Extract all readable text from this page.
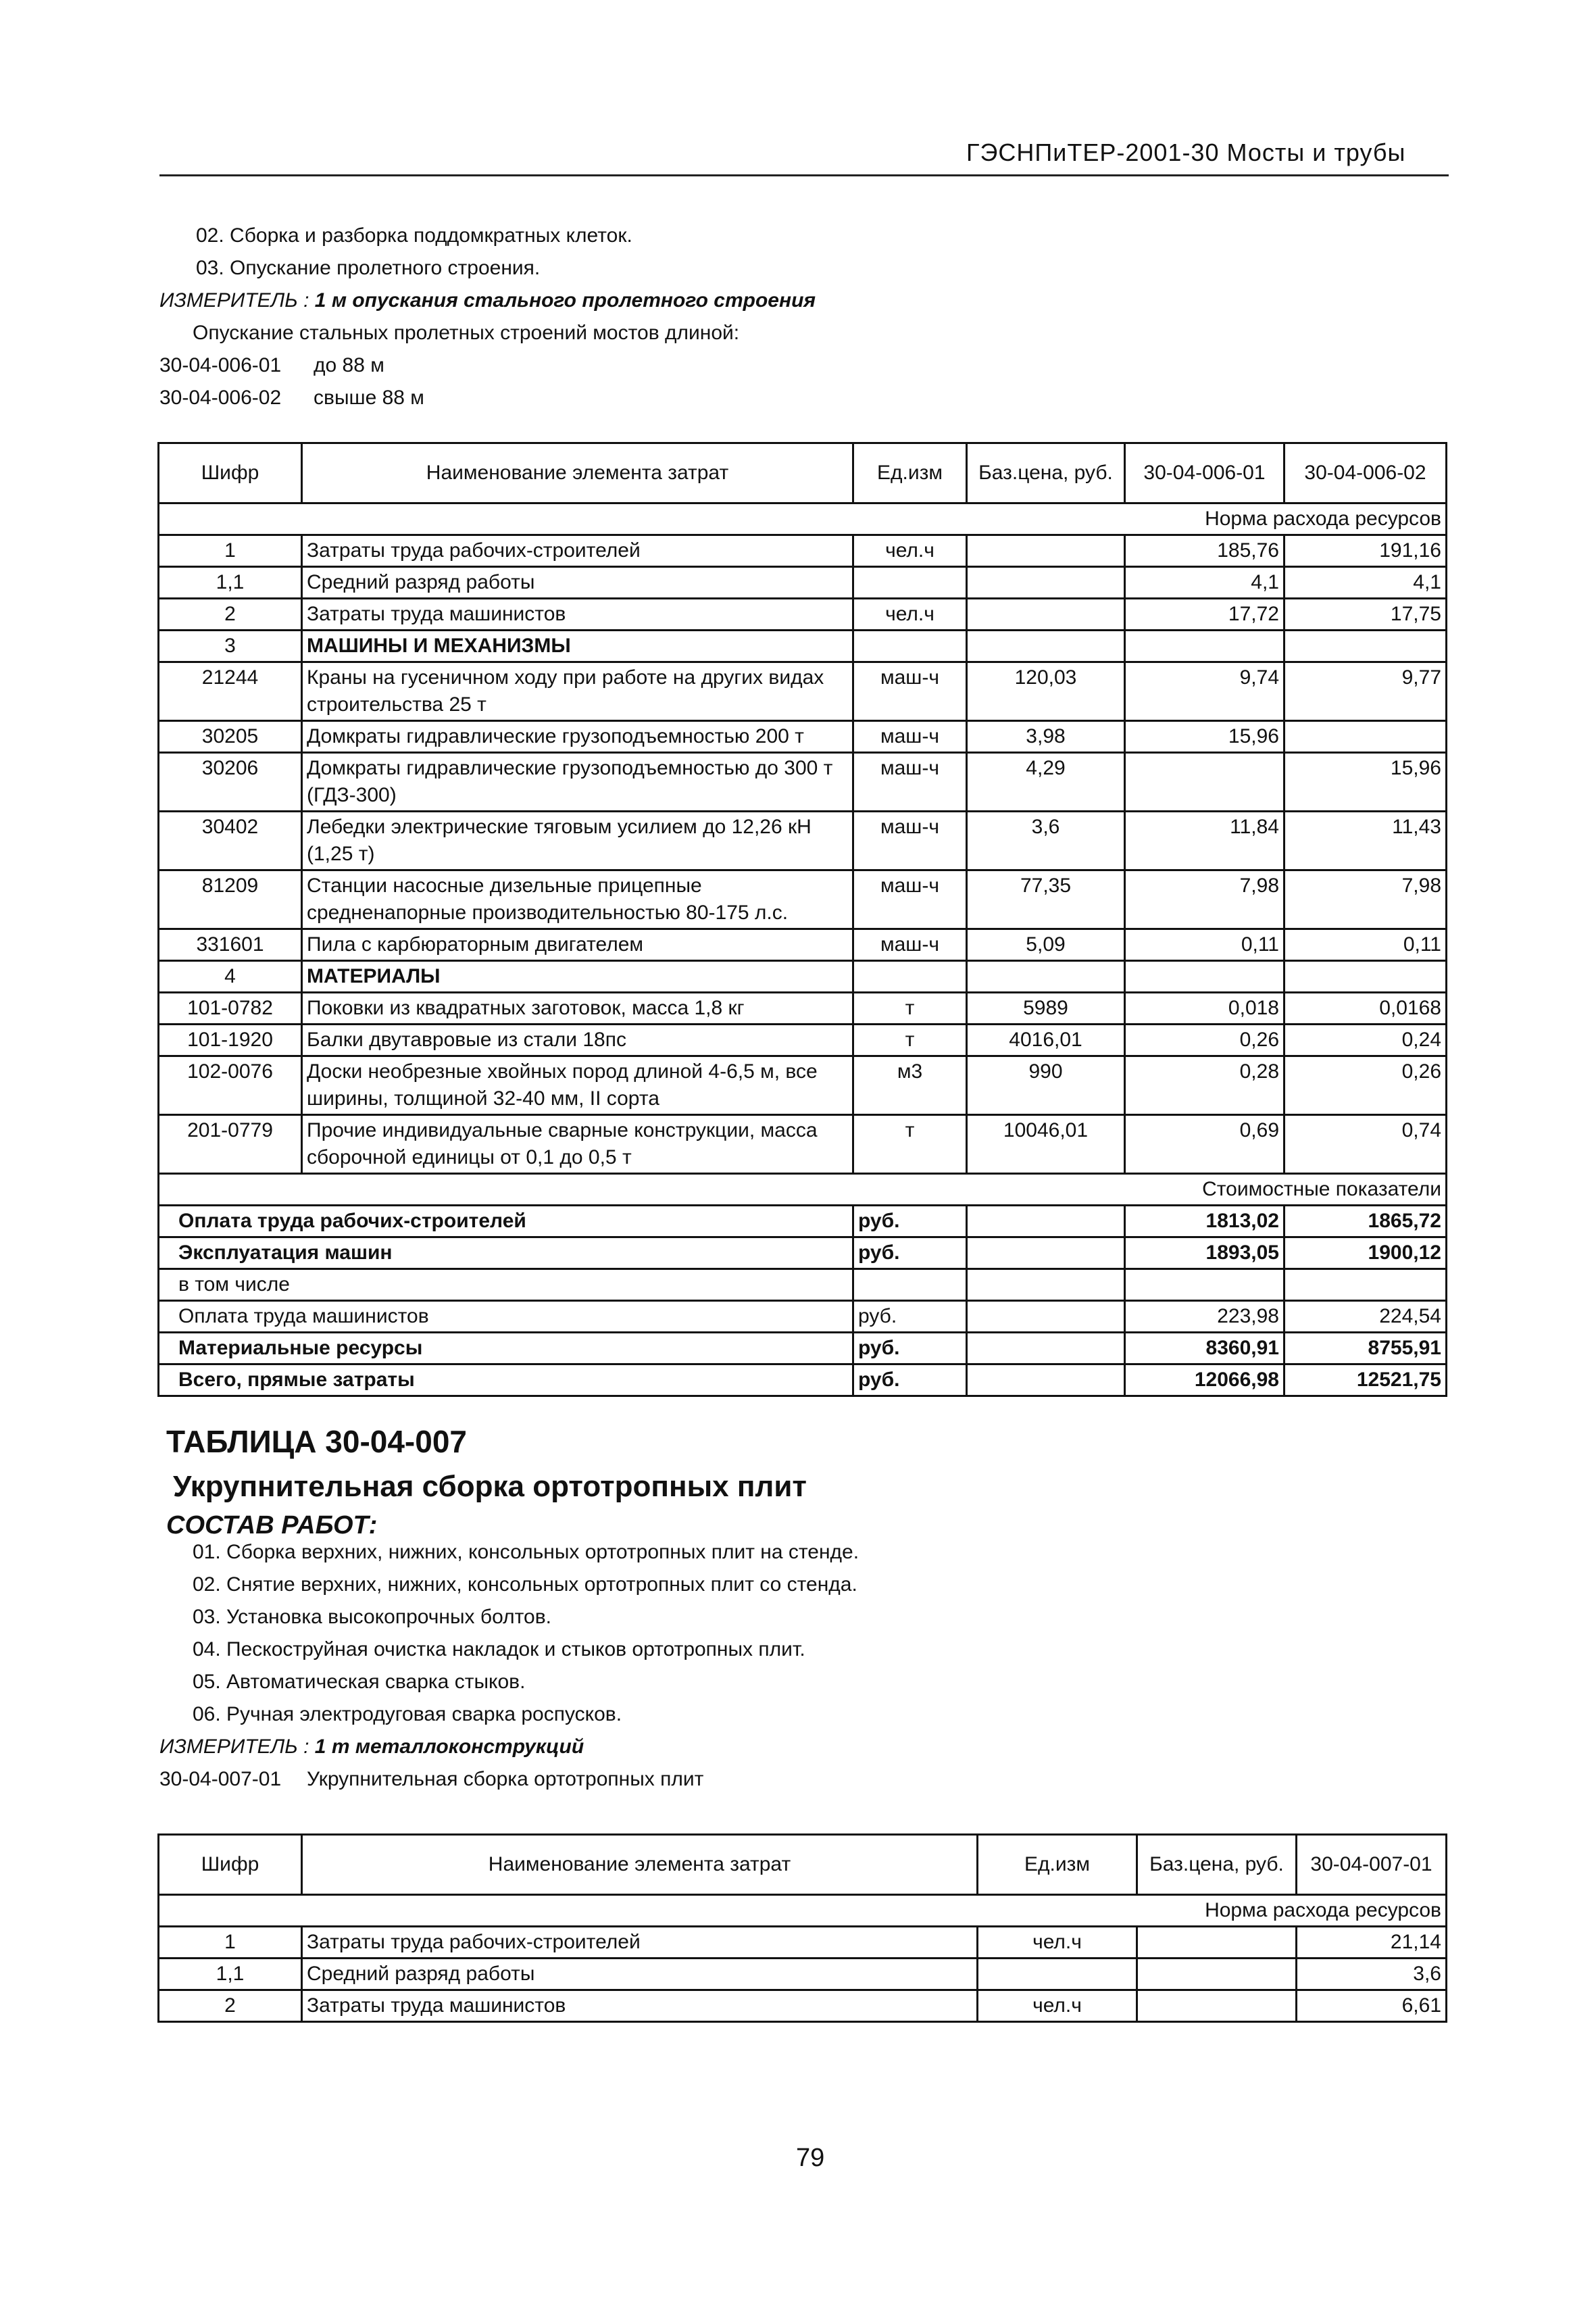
ГЭСНПиТЕР-2001-30 Мосты и трубы
02. Сборка и разборка поддомкратных клеток.
03. Опускание пролетного строения.
ИЗМЕРИТЕЛЬ : 1 м опускания стального пролетного строения
Опускание стальных пролетных строений мостов длиной:
30-04-006-01 до 88 м
30-04-006-02 свыше 88 м
Шифр	Наименование элемента затрат	Ед.изм	Баз.цена, руб.	30-04-006-01	30-04-006-02
Норма расхода ресурсов					
1	Затраты труда рабочих-строителей	чел.ч		185,76	191,16
1,1	Средний разряд работы			4,1	4,1
2	Затраты труда машинистов	чел.ч		17,72	17,75
3	МАШИНЫ И МЕХАНИЗМЫ				
21244	Краны на гусеничном ходу при работе на других видах строительства 25 т	маш-ч	120,03	9,74	9,77
30205	Домкраты гидравлические грузоподъемностью 200 т	маш-ч	3,98	15,96	
30206	Домкраты гидравлические грузоподъемностью до 300 т (ГДЗ-300)	маш-ч	4,29		15,96
30402	Лебедки электрические тяговым усилием до 12,26 кН (1,25 т)	маш-ч	3,6	11,84	11,43
81209	Станции насосные дизельные прицепные средненапорные производительностью 80-175 л.с.	маш-ч	77,35	7,98	7,98
331601	Пила с карбюраторным двигателем	маш-ч	5,09	0,11	0,11
4	МАТЕРИАЛЫ				
101-0782	Поковки из квадратных заготовок, масса 1,8 кг	т	5989	0,018	0,0168
101-1920	Балки двутавровые из стали 18пс	т	4016,01	0,26	0,24
102-0076	Доски необрезные хвойных пород длиной 4-6,5 м, все ширины, толщиной 32-40 мм, II сорта	м3	990	0,28	0,26
201-0779	Прочие индивидуальные сварные конструкции, масса сборочной единицы от 0,1 до 0,5 т	т	10046,01	0,69	0,74
Стоимостные показатели					
Оплата труда рабочих-строителей		руб.		1813,02	1865,72
Эксплуатация машин		руб.		1893,05	1900,12
в том числе					
Оплата труда машинистов		руб.		223,98	224,54
Материальные ресурсы		руб.		8360,91	8755,91
Всего, прямые затраты		руб.		12066,98	12521,75
ТАБЛИЦА 30-04-007
Укрупнительная сборка ортотропных плит
СОСТАВ РАБОТ:
01. Сборка верхних, нижних, консольных ортотропных плит на стенде.
02. Снятие верхних, нижних, консольных ортотропных плит со стенда.
03. Установка высокопрочных болтов.
04. Пескоструйная очистка накладок и стыков ортотропных плит.
05. Автоматическая сварка стыков.
06. Ручная электродуговая сварка роспусков.
ИЗМЕРИТЕЛЬ : 1 т металлоконструкций
30-04-007-01 Укрупнительная сборка ортотропных плит
Шифр	Наименование элемента затрат	Ед.изм	Баз.цена, руб.	30-04-007-01
Норма расхода ресурсов				
1	Затраты труда рабочих-строителей	чел.ч		21,14
1,1	Средний разряд работы			3,6
2	Затраты труда машинистов	чел.ч		6,61
79
